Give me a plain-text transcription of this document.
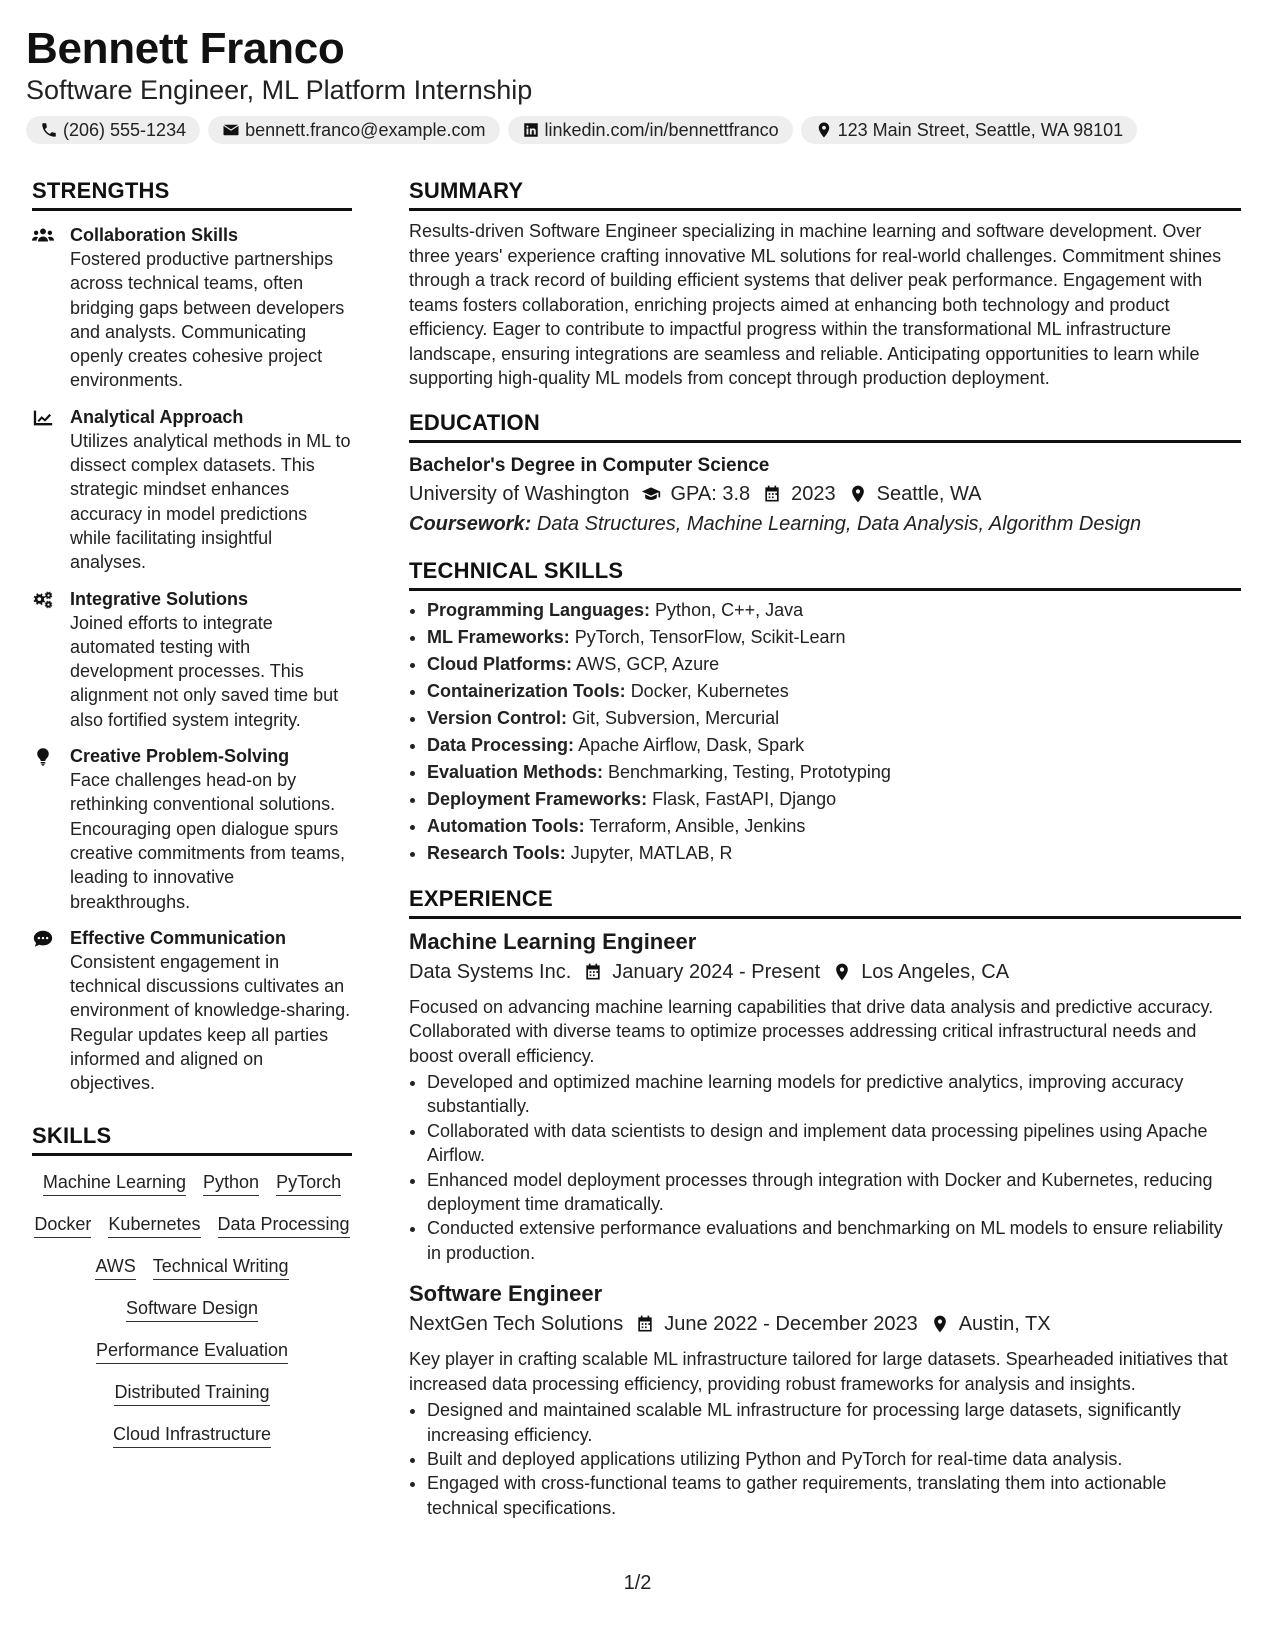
Bennett Franco
Software Engineer, ML Platform Internship
(206) 555-1234	bennett.franco@example.com	linkedin.com/in/bennettfranco	123 Main Street, Seattle, WA 98101
STRENGTHS
Collaboration Skills
Fostered productive partnerships across technical teams, often bridging gaps between developers and analysts. Communicating openly creates cohesive project environments.
Analytical Approach
Utilizes analytical methods in ML to dissect complex datasets. This strategic mindset enhances accuracy in model predictions while facilitating insightful analyses.
Integrative Solutions
Joined efforts to integrate automated testing with development processes. This alignment not only saved time but also fortified system integrity.
Creative Problem-Solving
Face challenges head-on by rethinking conventional solutions. Encouraging open dialogue spurs creative commitments from teams, leading to innovative breakthroughs.
Effective Communication
Consistent engagement in technical discussions cultivates an environment of knowledge-sharing. Regular updates keep all parties informed and aligned on objectives.
SKILLS
Machine Learning Python PyTorch
Docker Kubernetes Data Processing
AWS Technical Writing
Software Design
Performance Evaluation
Distributed Training
Cloud Infrastructure
SUMMARY
Results-driven Software Engineer specializing in machine learning and software development. Over three years' experience crafting innovative ML solutions for real-world challenges. Commitment shines through a track record of building efficient systems that deliver peak performance. Engagement with teams fosters collaboration, enriching projects aimed at enhancing both technology and product efficiency. Eager to contribute to impactful progress within the transformational ML infrastructure landscape, ensuring integrations are seamless and reliable. Anticipating opportunities to learn while supporting high-quality ML models from concept through production deployment.
EDUCATION
Bachelor's Degree in Computer Science
University of Washington GPA: 3.8 2023 Seattle, WA
Coursework: Data Structures, Machine Learning, Data Analysis, Algorithm Design
TECHNICAL SKILLS
• Programming Languages: Python, C++, Java
• ML Frameworks: PyTorch, TensorFlow, Scikit-Learn
• Cloud Platforms: AWS, GCP, Azure
• Containerization Tools: Docker, Kubernetes
• Version Control: Git, Subversion, Mercurial
• Data Processing: Apache Airflow, Dask, Spark
• Evaluation Methods: Benchmarking, Testing, Prototyping
• Deployment Frameworks: Flask, FastAPI, Django
• Automation Tools: Terraform, Ansible, Jenkins
• Research Tools: Jupyter, MATLAB, R
EXPERIENCE
Machine Learning Engineer
Data Systems Inc. January 2024 - Present Los Angeles, CA
Focused on advancing machine learning capabilities that drive data analysis and predictive accuracy. Collaborated with diverse teams to optimize processes addressing critical infrastructural needs and boost overall efficiency.
• Developed and optimized machine learning models for predictive analytics, improving accuracy substantially.
• Collaborated with data scientists to design and implement data processing pipelines using Apache Airflow.
• Enhanced model deployment processes through integration with Docker and Kubernetes, reducing deployment time dramatically.
• Conducted extensive performance evaluations and benchmarking on ML models to ensure reliability in production.
Software Engineer
NextGen Tech Solutions June 2022 - December 2023 Austin, TX
Key player in crafting scalable ML infrastructure tailored for large datasets. Spearheaded initiatives that increased data processing efficiency, providing robust frameworks for analysis and insights.
• Designed and maintained scalable ML infrastructure for processing large datasets, significantly increasing efficiency.
• Built and deployed applications utilizing Python and PyTorch for real-time data analysis.
• Engaged with cross-functional teams to gather requirements, translating them into actionable technical specifications.
1/2
